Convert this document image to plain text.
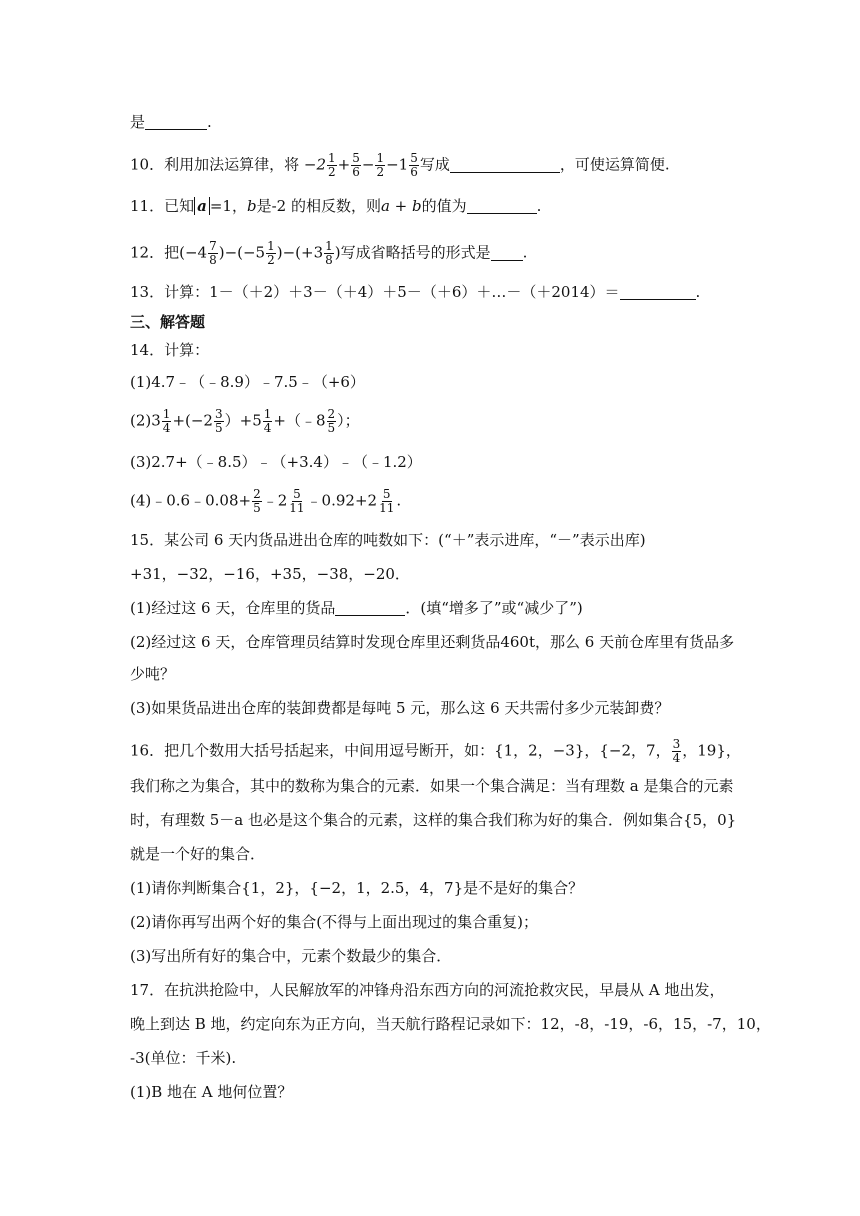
是	.
10．利用加法运算律，将 $-2 \frac{1}{2} + \frac{5}{6} - \frac{1}{2} -1 \frac{5}{6}$ 写成	，可使运算简便.
11．已知 a =1，b是-2 的相反数，则a + b的值为	.
12．把$(-4 \frac{7}{8} )-(-5 \frac{1}{2} )-(+3 \frac{1}{8}$ )写成省略括号的形式是 .
13．计算：1－（＋2）＋3－（＋4）＋5－（＋6）＋…－（＋2014）＝	.
三、解答题
14．计算：
(1)4.7﹣（﹣8.9）﹣7.5﹣（+6）
$(2)3 \frac{1}{4} +(-2 \frac{3}{5} )+5 \frac{1}{4}$ +（﹣8 $\frac{2}{5}$ ）；
(3)2.7+（﹣8.5）﹣（+3.4）﹣（﹣1.2）
(4)﹣0.6﹣0.08+ $\frac{2}{5}$ ﹣2 $\frac{5}{11}$ ﹣0.92+2 $\frac{5}{11}$ .
15．某公司 6 天内货品进出仓库的吨数如下：(“＋”表示进库，“－”表示出库)
+31，−32，−16，+35，−38，−20．
(1)经过这 6 天，仓库里的货品	．(填“增多了”或“减少了”)
(2)经过这 6 天，仓库管理员结算时发现仓库里还剩货品460t，那么 6 天前仓库里有货品多
少吨？
(3)如果货品进出仓库的装卸费都是每吨 5 元，那么这 6 天共需付多少元装卸费？
16．把几个数用大括号括起来，中间用逗号断开，如：{1，2，−3}，{−2，7， $\frac{3}{4}$ ，19}，
我们称之为集合，其中的数称为集合的元素．如果一个集合满足：当有理数 a 是集合的元素
时，有理数 5－a 也必是这个集合的元素，这样的集合我们称为好的集合．例如集合{5，0}
就是一个好的集合．
(1)请你判断集合{1，2}，{−2，1，2.5，4，7}是不是好的集合？
(2)请你再写出两个好的集合(不得与上面出现过的集合重复)；
(3)写出所有好的集合中，元素个数最少的集合．
17．在抗洪抢险中，人民解放军的冲锋舟沿东西方向的河流抢救灾民，早晨从 A 地出发，
晚上到达 B 地，约定向东为正方向，当天航行路程记录如下：12，-8，-19，-6，15，-7，10，
-3(单位：千米).
(1)B 地在 A 地何位置？
